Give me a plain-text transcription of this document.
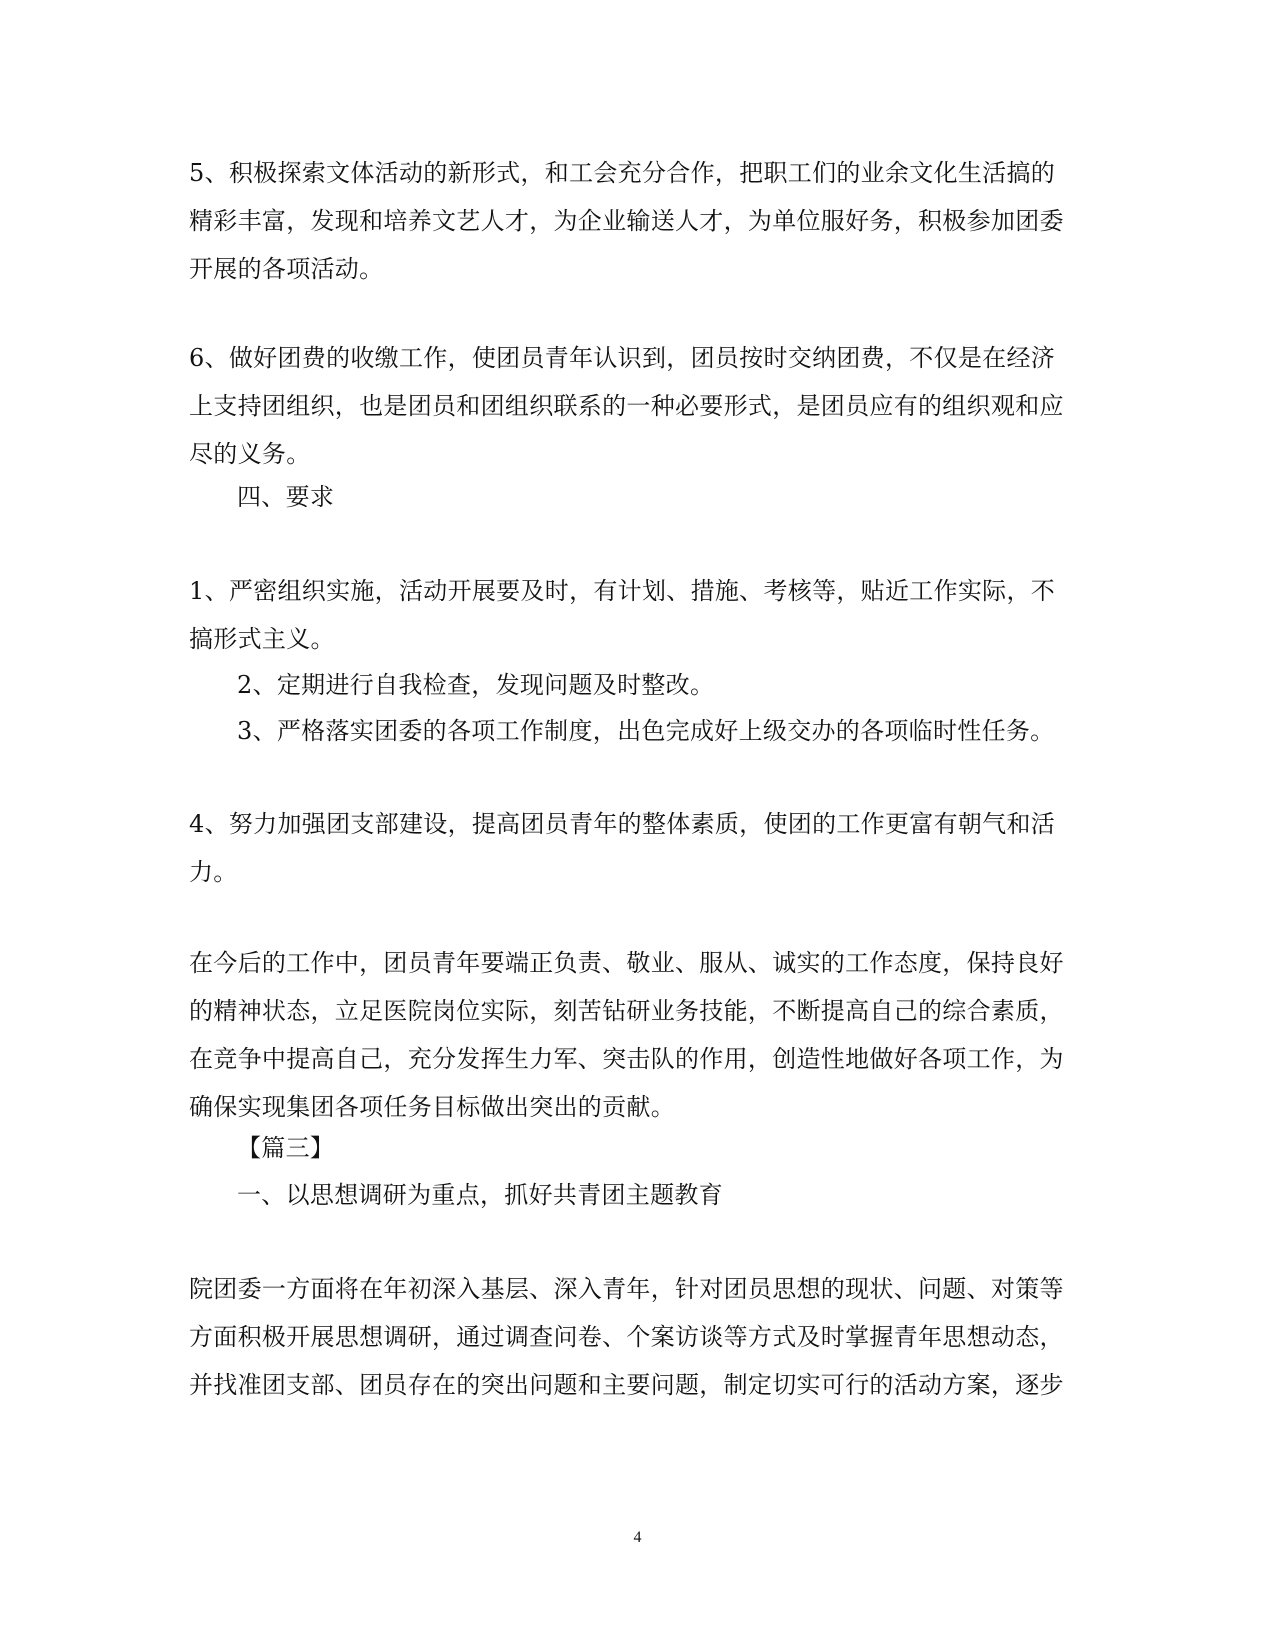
5、积极探索文体活动的新形式，和工会充分合作，把职工们的业余文化生活搞的
精彩丰富，发现和培养文艺人才，为企业输送人才，为单位服好务，积极参加团委
开展的各项活动。

6、做好团费的收缴工作，使团员青年认识到，团员按时交纳团费，不仅是在经济
上支持团组织，也是团员和团组织联系的一种必要形式，是团员应有的组织观和应
尽的义务。

四、要求

1、严密组织实施，活动开展要及时，有计划、措施、考核等，贴近工作实际，不
搞形式主义。

2、定期进行自我检查，发现问题及时整改。

3、严格落实团委的各项工作制度，出色完成好上级交办的各项临时性任务。

4、努力加强团支部建设，提高团员青年的整体素质，使团的工作更富有朝气和活
力。

在今后的工作中，团员青年要端正负责、敬业、服从、诚实的工作态度，保持良好
的精神状态，立足医院岗位实际，刻苦钻研业务技能，不断提高自己的综合素质，
在竞争中提高自己，充分发挥生力军、突击队的作用，创造性地做好各项工作，为
确保实现集团各项任务目标做出突出的贡献。

【篇三】

一、以思想调研为重点，抓好共青团主题教育

院团委一方面将在年初深入基层、深入青年，针对团员思想的现状、问题、对策等
方面积极开展思想调研，通过调查问卷、个案访谈等方式及时掌握青年思想动态，
并找准团支部、团员存在的突出问题和主要问题，制定切实可行的活动方案，逐步

4
